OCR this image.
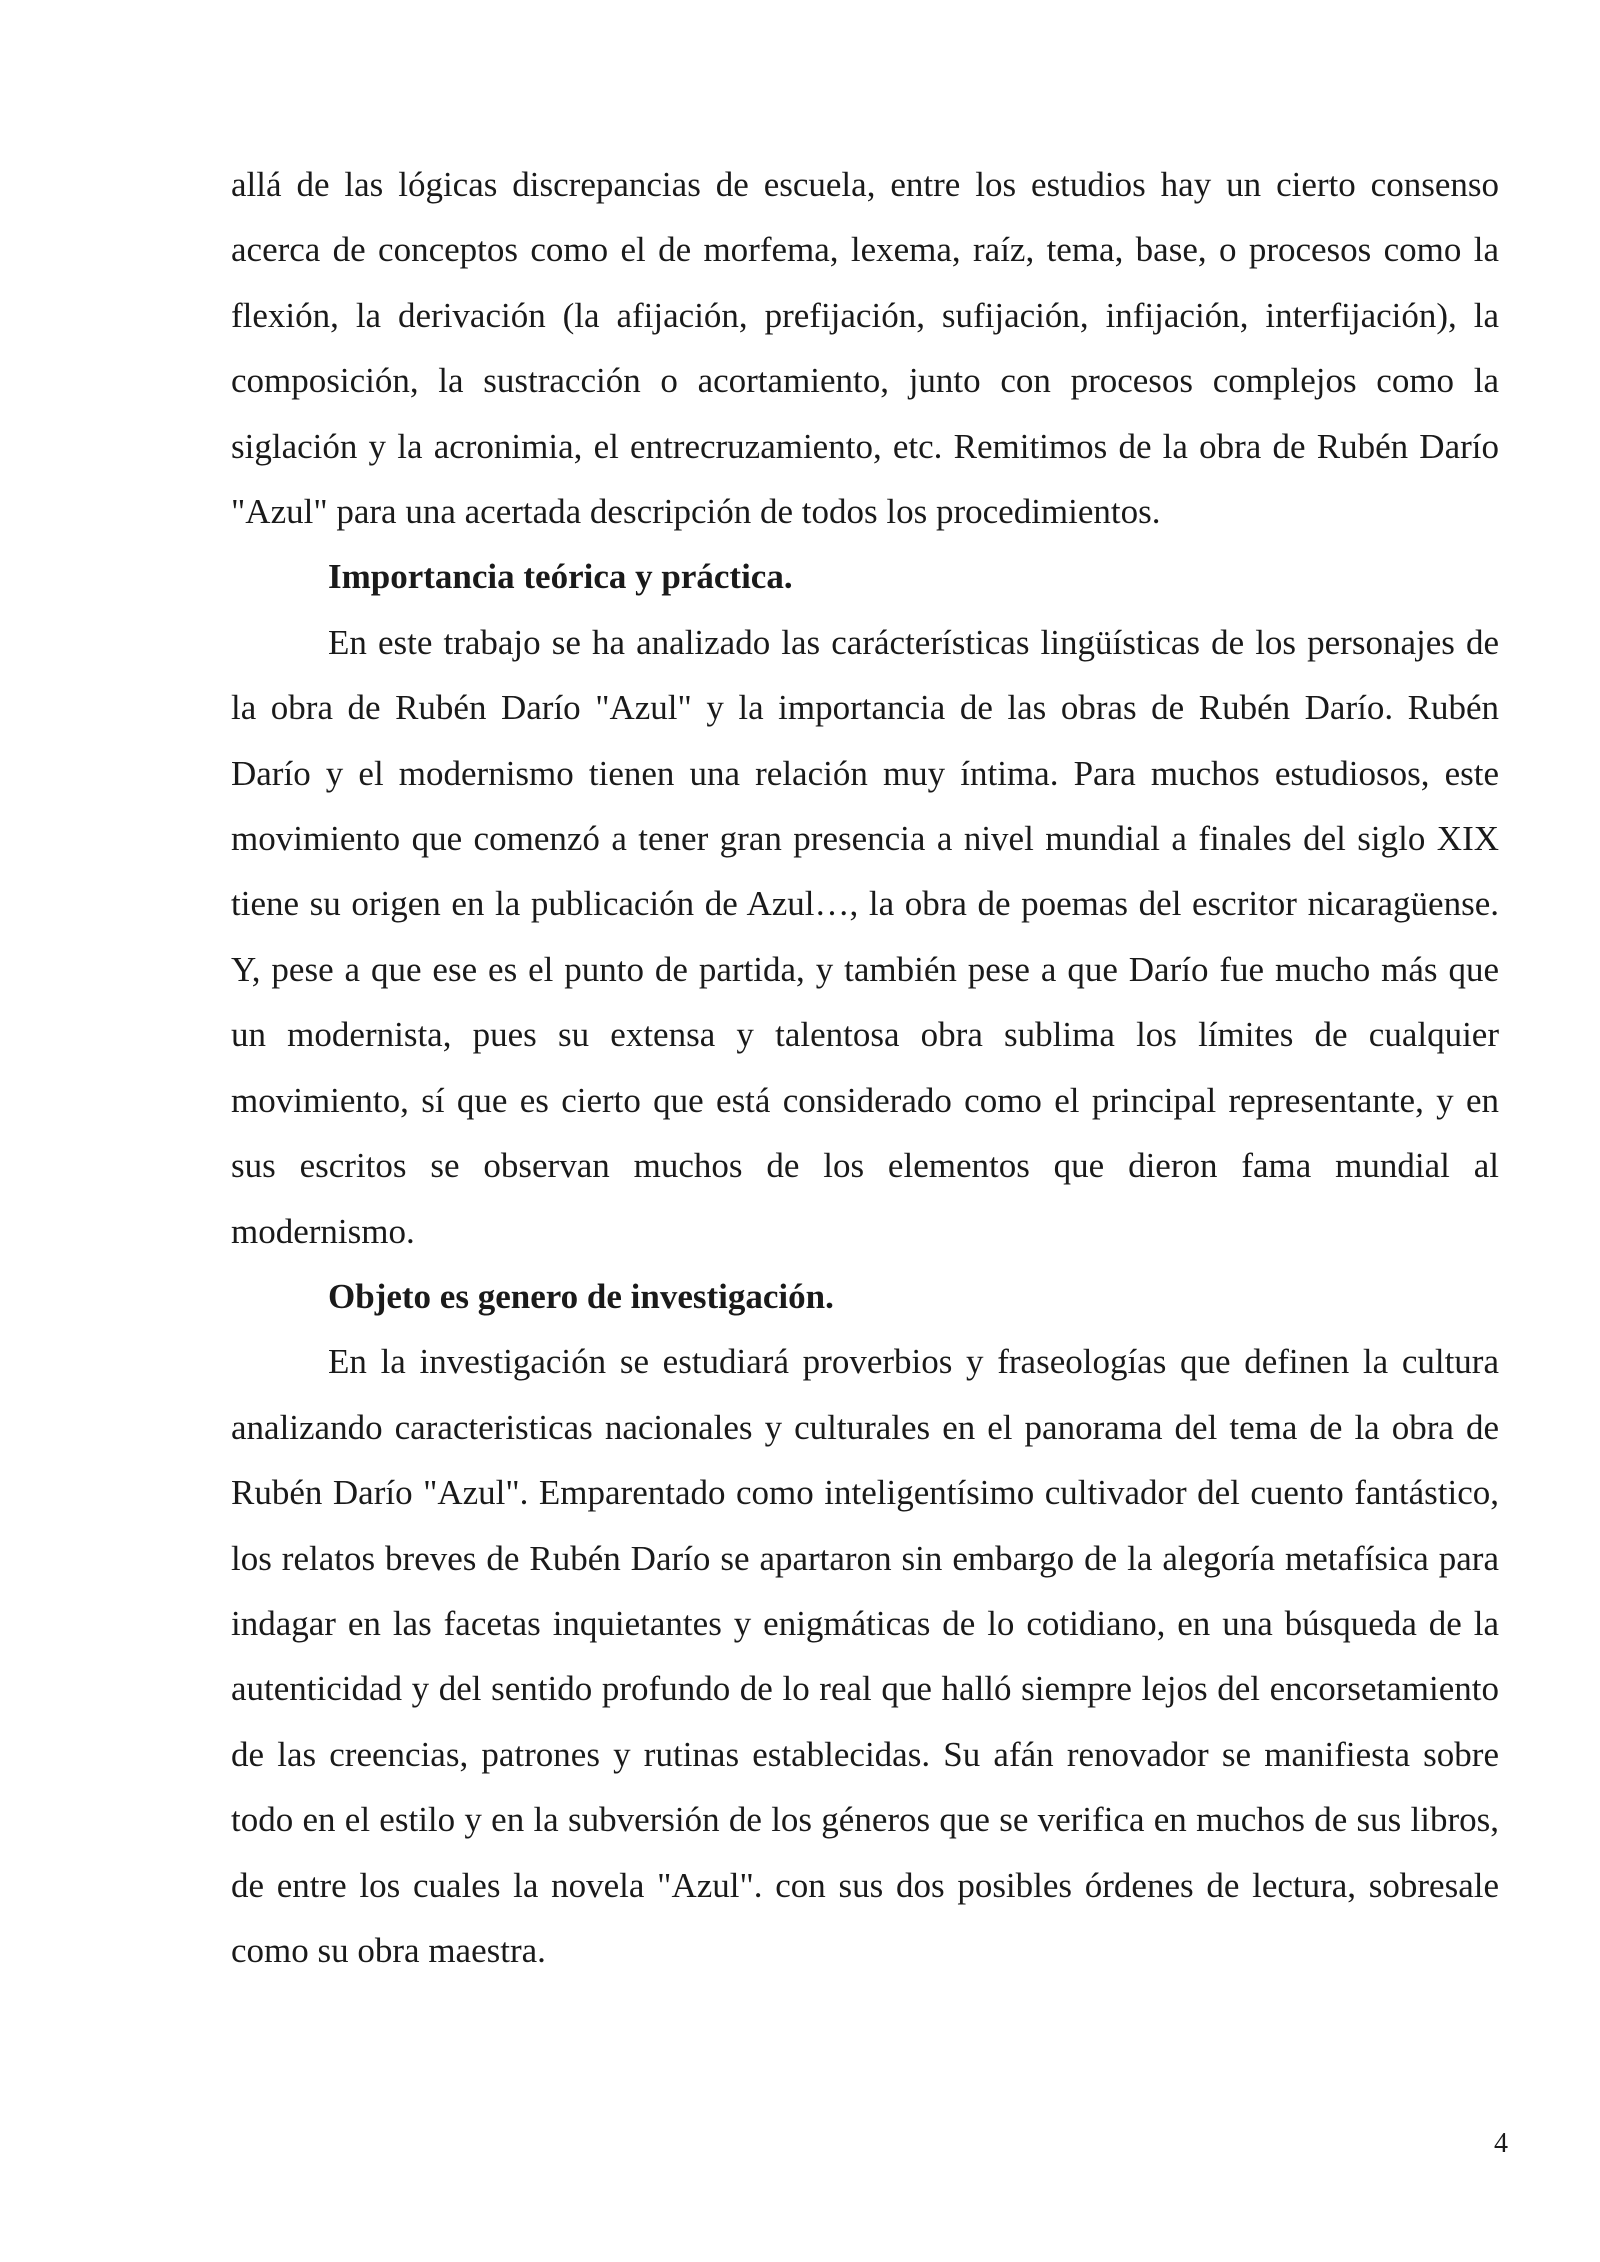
allá de las lógicas discrepancias de escuela, entre los estudios hay un cierto consenso acerca de conceptos como el de morfema, lexema, raíz, tema, base, o procesos como la flexión, la derivación (la afijación, prefijación, sufijación, infijación, interfijación), la composición, la sustracción o acortamiento, junto con procesos complejos como la siglación y la acronimia, el entrecruzamiento, etc. Remitimos de la obra de Rubén Darío "Azul" para una acertada descripción de todos los procedimientos.

Importancia teórica y práctica.

En este trabajo se ha analizado las carácterísticas lingüísticas de los personajes de la obra de Rubén Darío "Azul" y la importancia de las obras de Rubén Darío. Rubén Darío y el modernismo tienen una relación muy íntima. Para muchos estudiosos, este movimiento que comenzó a tener gran presencia a nivel mundial a finales del siglo XIX tiene su origen en la publicación de Azul…, la obra de poemas del escritor nicaragüense. Y, pese a que ese es el punto de partida, y también pese a que Darío fue mucho más que un modernista, pues su extensa y talentosa obra sublima los límites de cualquier movimiento, sí que es cierto que está considerado como el principal representante, y en sus escritos se observan muchos de los elementos que dieron fama mundial al modernismo.

Objeto es genero de investigación.

En la investigación se estudiará proverbios y fraseologías que definen la cultura analizando caracteristicas nacionales y culturales en el panorama del tema de la obra de Rubén Darío "Azul". Emparentado como inteligentísimo cultivador del cuento fantástico, los relatos breves de Rubén Darío se apartaron sin embargo de la alegoría metafísica para indagar en las facetas inquietantes y enigmáticas de lo cotidiano, en una búsqueda de la autenticidad y del sentido profundo de lo real que halló siempre lejos del encorsetamiento de las creencias, patrones y rutinas establecidas. Su afán renovador se manifiesta sobre todo en el estilo y en la subversión de los géneros que se verifica en muchos de sus libros, de entre los cuales la novela "Azul". con sus dos posibles órdenes de lectura, sobresale como su obra maestra.

4
